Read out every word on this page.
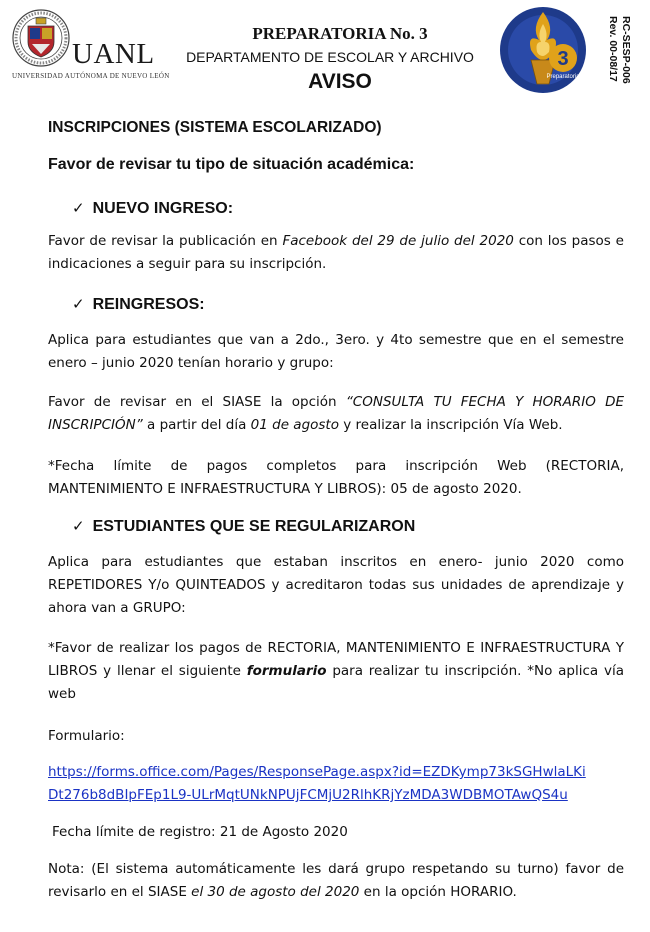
UANL
UNIVERSIDAD AUTÓNOMA DE NUEVO LEÓN
PREPARATORIA No. 3
DEPARTAMENTO DE ESCOLAR Y ARCHIVO
AVISO
3
Preparatoria	RC-SESP-006
Rev. 00-08/17
INSCRIPCIONES (SISTEMA ESCOLARIZADO)
Favor de revisar tu tipo de situación académica:
✓ NUEVO INGRESO:
Favor de revisar la publicación en Facebook del 29 de julio del 2020 con los pasos e indicaciones a seguir para su inscripción.
✓ REINGRESOS:
Aplica para estudiantes que van a 2do., 3ero. y 4to semestre que en el semestre enero – junio 2020 tenían horario y grupo:
Favor de revisar en el SIASE la opción “CONSULTA TU FECHA Y HORARIO DE INSCRIPCIÓN” a partir del día 01 de agosto y realizar la inscripción Vía Web.
*Fecha límite de pagos completos para inscripción Web (RECTORIA, MANTENIMIENTO E INFRAESTRUCTURA Y LIBROS): 05 de agosto 2020.
✓ ESTUDIANTES QUE SE REGULARIZARON
Aplica para estudiantes que estaban inscritos en enero- junio 2020 como REPETIDORES Y/o QUINTEADOS y acreditaron todas sus unidades de aprendizaje y ahora van a GRUPO:
*Favor de realizar los pagos de RECTORIA, MANTENIMIENTO E INFRAESTRUCTURA Y LIBROS y llenar el siguiente formulario para realizar tu inscripción. *No aplica vía web
Formulario:
https://forms.office.com/Pages/ResponsePage.aspx?id=EZDKymp73kSGHwlaLKi
Dt276b8dBIpFEp1L9-ULrMqtUNkNPUjFCMjU2RlhKRjYzMDA3WDBMOTAwQS4u
Fecha límite de registro: 21 de Agosto 2020
Nota: (El sistema automáticamente les dará grupo respetando su turno) favor de revisarlo en el SIASE el 30 de agosto del 2020 en la opción HORARIO.
